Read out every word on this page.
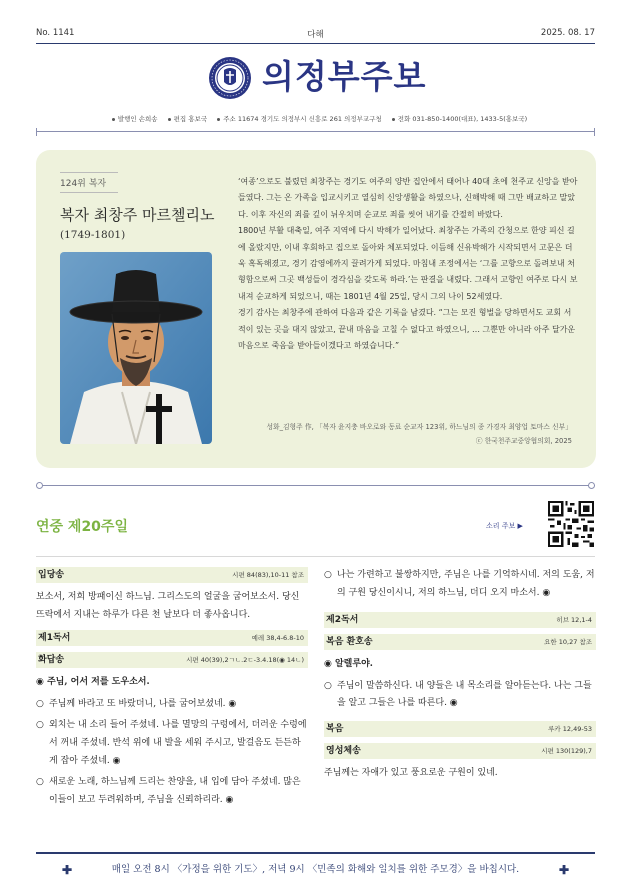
No. 1141	다해	2025. 08. 17
의정부주보
발행인 손희송 편집 홍보국 주소 11674 경기도 의정부시 신흥로 261 의정부교구청 전화 031-850-1400(대표), 1433-5(홍보국)
124위 복자
복자 최창주 마르첼리노
(1749-1801)

‘여종’으로도 불렸던 최창주는 경기도 여주의 양반 집안에서 태어나 40대 초에 천주교 신앙을 받아들였다. 그는 온 가족을 입교시키고 열심히 신앙생활을 하였으나, 신해박해 때 그만 배교하고 말았다. 이후 자신의 죄를 깊이 뉘우치며 순교로 죄를 씻어 내기를 간절히 바랐다.

1800년 부활 대축일, 여주 지역에 다시 박해가 일어났다. 최창주는 가족의 간청으로 한양 피신 길에 올랐지만, 이내 후회하고 집으로 돌아와 체포되었다. 이듬해 신유박해가 시작되면서 고문은 더욱 혹독해졌고, 경기 감영에까지 끌려가게 되었다. 마침내 조정에서는 ‘그를 고향으로 돌려보내 처형함으로써 그곳 백성들이 경각심을 갖도록 하라.’는 판결을 내렸다. 그래서 고향인 여주로 다시 보내져 순교하게 되었으니, 때는 1801년 4월 25일, 당시 그의 나이 52세였다.

경기 감사는 최창주에 관하여 다음과 같은 기록을 남겼다. “그는 모진 형벌을 당하면서도 교회 서적이 있는 곳을 대지 않았고, 끝내 마음을 고칠 수 없다고 하였으니, … 그뿐만 아니라 아주 달가운 마음으로 죽음을 받아들이겠다고 하였습니다.”

성화_김형주 作, 「복자 윤지충 바오로와 동료 순교자 123위, 하느님의 종 가경자 최양업 토마스 신부」
ⓒ 한국천주교중앙협의회, 2025
연중 제20주일	소리 주보 ▶
입당송	시편 84(83),10-11 참조
보소서, 저희 방패이신 하느님. 그리스도의 얼굴을 굽어보소서. 당신 뜨락에서 지내는 하루가 다른 천 날보다 더 좋사옵니다.
제1독서	예레 38,4-6.8-10
화답송	시편 40(39),2ㄱㄴ.2ㄷ-3.4.18(◉ 14ㄴ)
◉ 주님, 어서 저를 도우소서.
○ 주님께 바라고 또 바랐더니, 나를 굽어보셨네. ◉
○ 외치는 내 소리 들어 주셨네. 나를 멸망의 구렁에서, 더러운 수렁에서 꺼내 주셨네. 반석 위에 내 발을 세워 주시고, 발걸음도 든든하게 잡아 주셨네. ◉
○ 새로운 노래, 하느님께 드리는 찬양을, 내 입에 담아 주셨네. 많은 이들이 보고 두려워하며, 주님을 신뢰하리라. ◉
○ 나는 가련하고 불쌍하지만, 주님은 나를 기억하시네. 저의 도움, 저의 구원 당신이시니, 저의 하느님, 더디 오지 마소서. ◉
제2독서	히브 12,1-4
복음 환호송	요한 10,27 참조
◉ 알렐루야.
○ 주님이 말씀하신다. 내 양들은 내 목소리를 알아듣는다. 나는 그들을 알고 그들은 나를 따른다. ◉
복음	루카 12,49-53
영성체송	시편 130(129),7
주님께는 자애가 있고 풍요로운 구원이 있네.
✚	매일 오전 8시 〈가정을 위한 기도〉, 저녁 9시 〈민족의 화해와 일치를 위한 주모경〉을 바칩시다.	✚
